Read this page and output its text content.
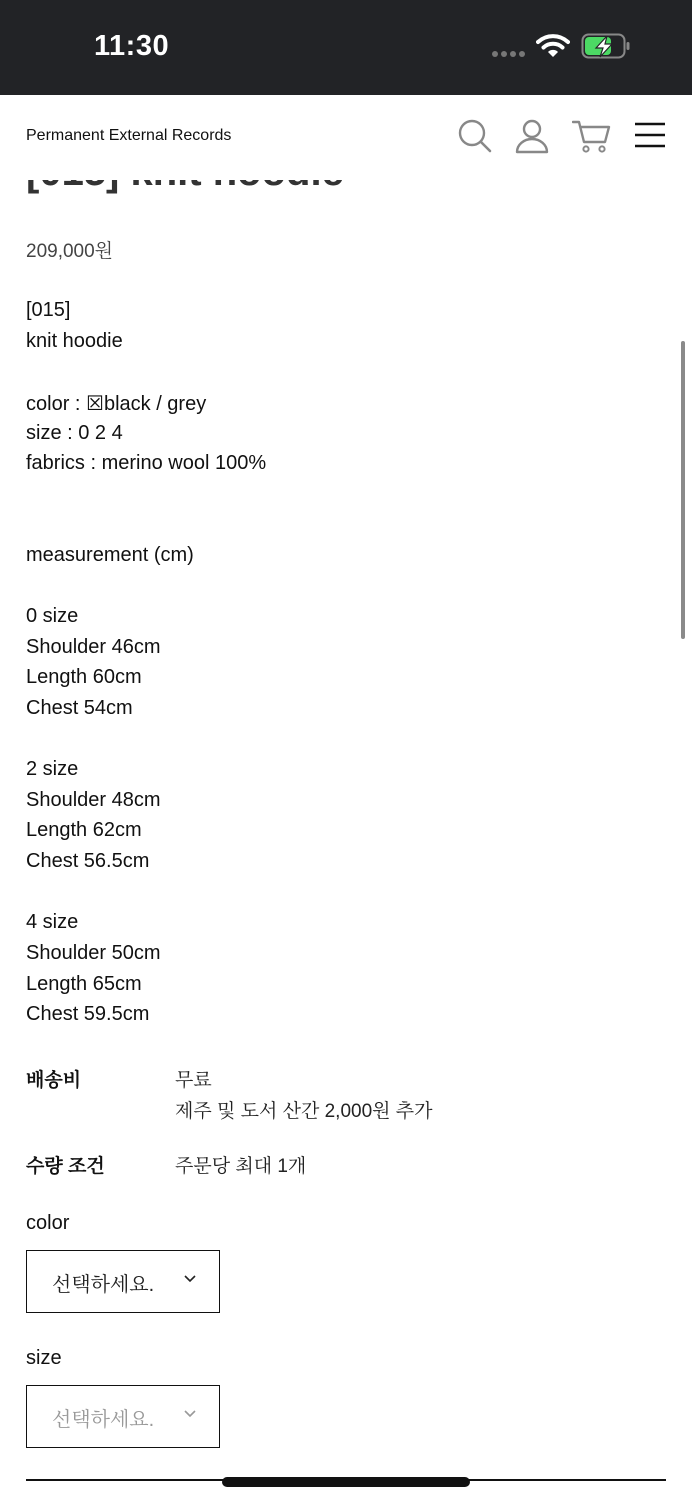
11:30
Permanent External Records
209,000원
[015]
knit hoodie
color : ☒black / grey
size : 0 2 4
fabrics : merino wool 100%
measurement (cm)
0 size
Shoulder 46cm
Length 60cm
Chest 54cm
2 size
Shoulder 48cm
Length 62cm
Chest 56.5cm
4 size
Shoulder 50cm
Length 65cm
Chest 59.5cm
배송비	무료
제주 및 도서 산간 2,000원 추가
수량 조건	주문당 최대 1개
color
선택하세요.
size
선택하세요.
